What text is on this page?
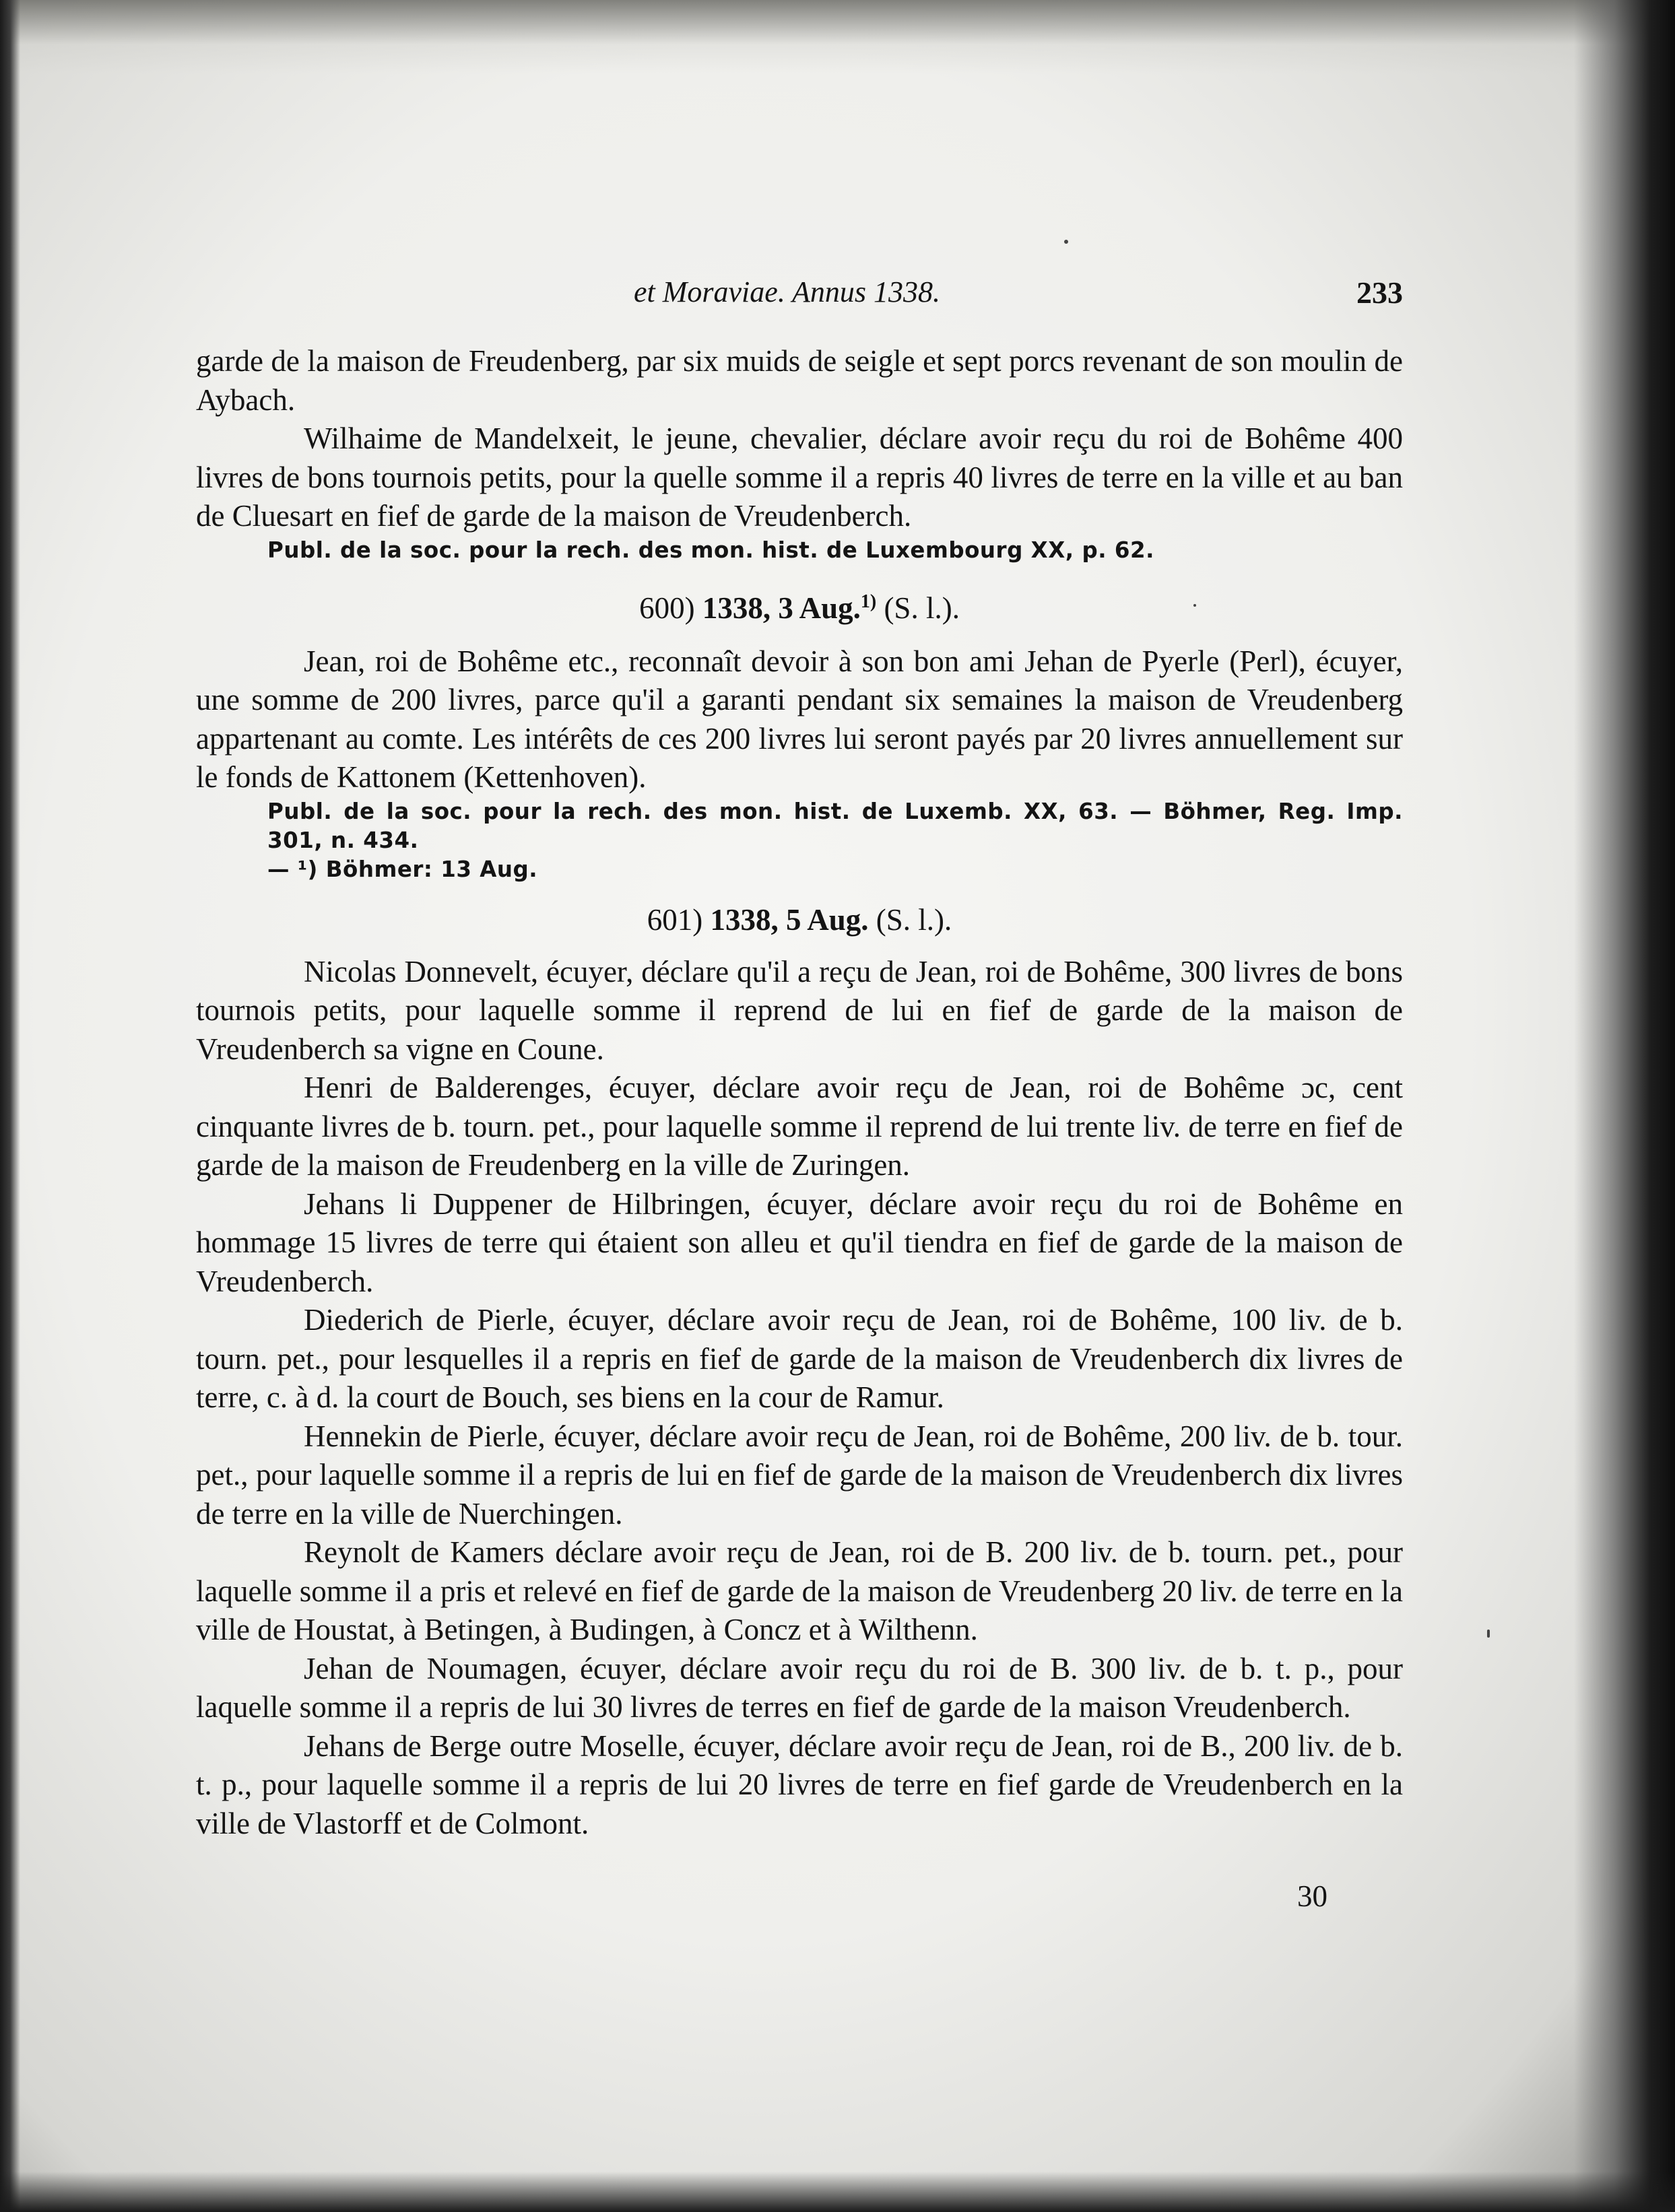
et Moraviae. Annus 1338.	233

garde de la maison de Freudenberg, par six muids de seigle et sept porcs revenant de son moulin de Aybach.

Wilhaime de Mandelxeit, le jeune, chevalier, déclare avoir reçu du roi de Bohême 400 livres de bons tournois petits, pour la quelle somme il a repris 40 livres de terre en la ville et au ban de Cluesart en fief de garde de la maison de Vreudenberch.

Publ. de la soc. pour la rech. des mon. hist. de Luxembourg XX, p. 62.

600) 1338, 3 Aug.$^{1)}$ (S. l.).

Jean, roi de Bohême etc., reconnaît devoir à son bon ami Jehan de Pyerle (Perl), écuyer, une somme de 200 livres, parce qu'il a garanti pendant six semaines la maison de Vreudenberg appartenant au comte. Les intérêts de ces 200 livres lui seront payés par 20 livres annuellement sur le fonds de Kattonem (Kettenhoven).

Publ. de la soc. pour la rech. des mon. hist. de Luxemb. XX, 63. — Böhmer, Reg. Imp. 301, n. 434.

— ¹) Böhmer: 13 Aug.

601) 1338, 5 Aug. (S. l.).

Nicolas Donnevelt, écuyer, déclare qu'il a reçu de Jean, roi de Bohême, 300 livres de bons tournois petits, pour laquelle somme il reprend de lui en fief de garde de la maison de Vreudenberch sa vigne en Coune.

Henri de Balderenges, écuyer, déclare avoir reçu de Jean, roi de Bohême ɔc, cent cinquante livres de b. tourn. pet., pour laquelle somme il reprend de lui trente liv. de terre en fief de garde de la maison de Freudenberg en la ville de Zuringen.

Jehans li Duppener de Hilbringen, écuyer, déclare avoir reçu du roi de Bohême en hommage 15 livres de terre qui étaient son alleu et qu'il tiendra en fief de garde de la maison de Vreudenberch.

Diederich de Pierle, écuyer, déclare avoir reçu de Jean, roi de Bohême, 100 liv. de b. tourn. pet., pour lesquelles il a repris en fief de garde de la maison de Vreudenberch dix livres de terre, c. à d. la court de Bouch, ses biens en la cour de Ramur.

Hennekin de Pierle, écuyer, déclare avoir reçu de Jean, roi de Bohême, 200 liv. de b. tour. pet., pour laquelle somme il a repris de lui en fief de garde de la maison de Vreudenberch dix livres de terre en la ville de Nuerchingen.

Reynolt de Kamers déclare avoir reçu de Jean, roi de B. 200 liv. de b. tourn. pet., pour laquelle somme il a pris et relevé en fief de garde de la maison de Vreudenberg 20 liv. de terre en la ville de Houstat, à Betingen, à Budingen, à Concz et à Wilthenn.

Jehan de Noumagen, écuyer, déclare avoir reçu du roi de B. 300 liv. de b. t. p., pour laquelle somme il a repris de lui 30 livres de terres en fief de garde de la maison Vreudenberch.

Jehans de Berge outre Moselle, écuyer, déclare avoir reçu de Jean, roi de B., 200 liv. de b. t. p., pour laquelle somme il a repris de lui 20 livres de terre en fief garde de Vreudenberch en la ville de Vlastorff et de Colmont.

30
